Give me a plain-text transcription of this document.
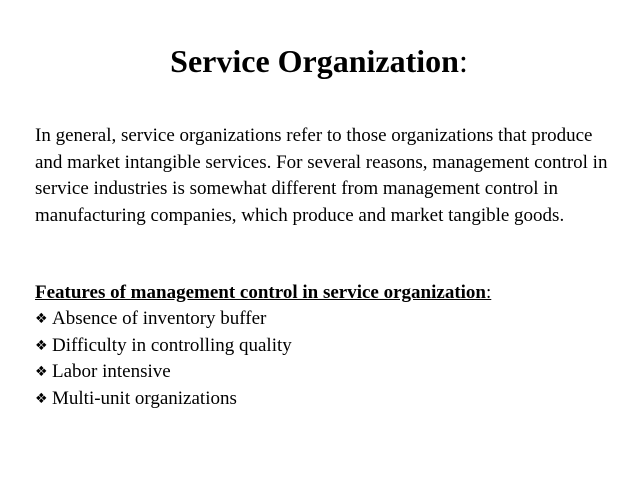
Service Organization:

In general, service organizations refer to those organizations that produce and market intangible services. For several reasons, management control in service industries is somewhat different from management control in manufacturing companies, which produce and market tangible goods.

Features of management control in service organization:

❖ Absence of inventory buffer
❖ Difficulty in controlling quality
❖ Labor intensive
❖ Multi-unit organizations
